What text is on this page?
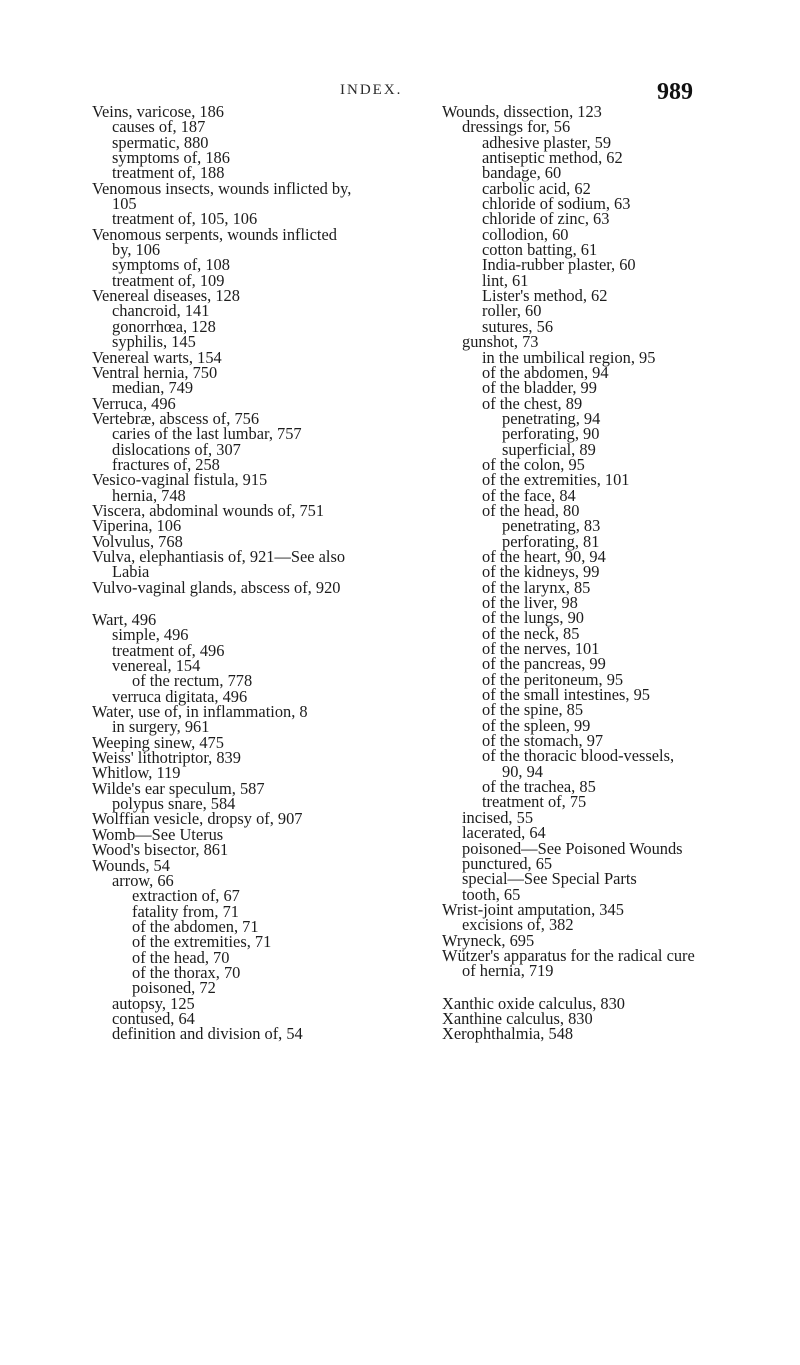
INDEX.	989
Veins, varicose, 186
causes of, 187
spermatic, 880
symptoms of, 186
treatment of, 188
Venomous insects, wounds inflicted by,
105
treatment of, 105, 106
Venomous serpents, wounds inflicted
by, 106
symptoms of, 108
treatment of, 109
Venereal diseases, 128
chancroid, 141
gonorrhœa, 128
syphilis, 145
Venereal warts, 154
Ventral hernia, 750
median, 749
Verruca, 496
Vertebræ, abscess of, 756
caries of the last lumbar, 757
dislocations of, 307
fractures of, 258
Vesico-vaginal fistula, 915
hernia, 748
Viscera, abdominal wounds of, 751
Viperina, 106
Volvulus, 768
Vulva, elephantiasis of, 921—See also
Labia
Vulvo-vaginal glands, abscess of, 920
Wart, 496
simple, 496
treatment of, 496
venereal, 154
of the rectum, 778
verruca digitata, 496
Water, use of, in inflammation, 8
in surgery, 961
Weeping sinew, 475
Weiss' lithotriptor, 839
Whitlow, 119
Wilde's ear speculum, 587
polypus snare, 584
Wolffian vesicle, dropsy of, 907
Womb—See Uterus
Wood's bisector, 861
Wounds, 54
arrow, 66
extraction of, 67
fatality from, 71
of the abdomen, 71
of the extremities, 71
of the head, 70
of the thorax, 70
poisoned, 72
autopsy, 125
contused, 64
definition and division of, 54
Wounds, dissection, 123
dressings for, 56
adhesive plaster, 59
antiseptic method, 62
bandage, 60
carbolic acid, 62
chloride of sodium, 63
chloride of zinc, 63
collodion, 60
cotton batting, 61
India-rubber plaster, 60
lint, 61
Lister's method, 62
roller, 60
sutures, 56
gunshot, 73
in the umbilical region, 95
of the abdomen, 94
of the bladder, 99
of the chest, 89
penetrating, 94
perforating, 90
superficial, 89
of the colon, 95
of the extremities, 101
of the face, 84
of the head, 80
penetrating, 83
perforating, 81
of the heart, 90, 94
of the kidneys, 99
of the larynx, 85
of the liver, 98
of the lungs, 90
of the neck, 85
of the nerves, 101
of the pancreas, 99
of the peritoneum, 95
of the small intestines, 95
of the spine, 85
of the spleen, 99
of the stomach, 97
of the thoracic blood-vessels,
90, 94
of the trachea, 85
treatment of, 75
incised, 55
lacerated, 64
poisoned—See Poisoned Wounds
punctured, 65
special—See Special Parts
tooth, 65
Wrist-joint amputation, 345
excisions of, 382
Wryneck, 695
Wützer's apparatus for the radical cure
of hernia, 719
Xanthic oxide calculus, 830
Xanthine calculus, 830
Xerophthalmia, 548
